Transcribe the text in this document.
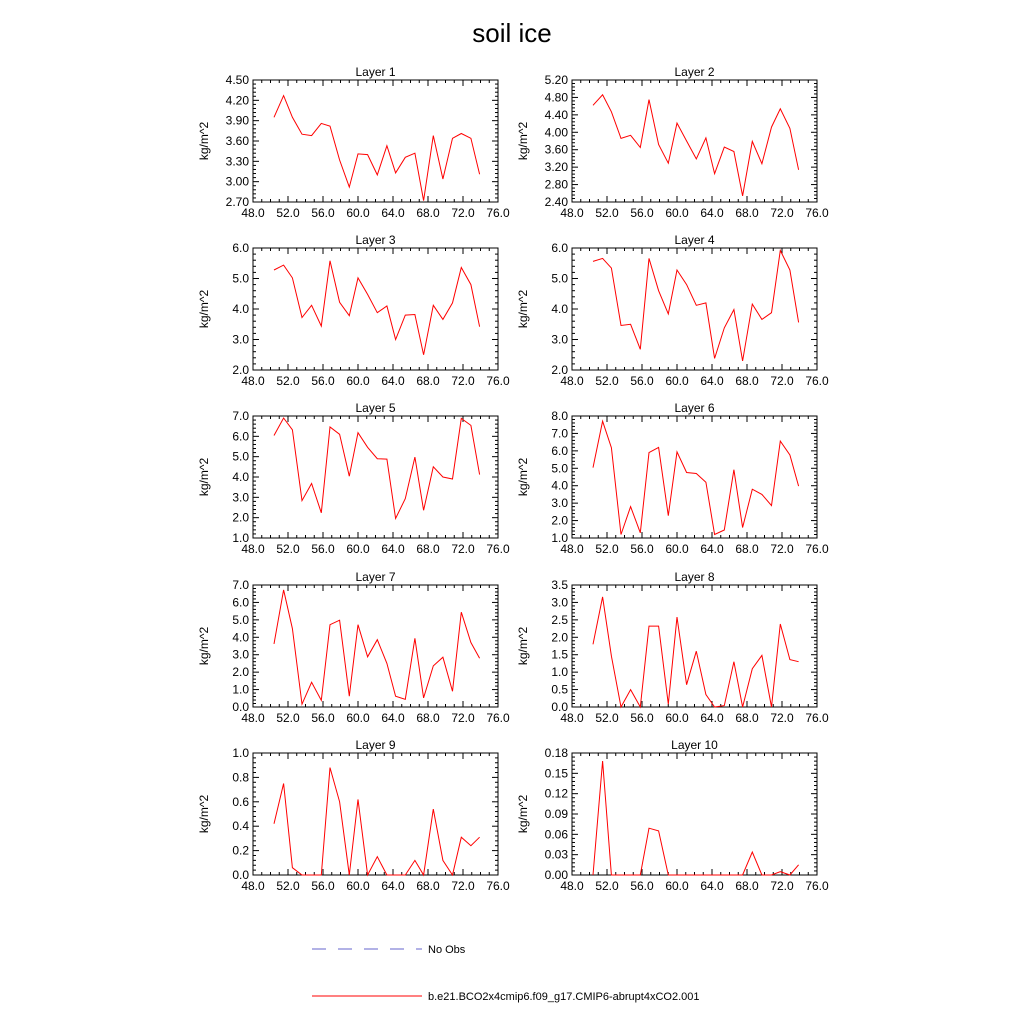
soil ice
Layer 1
kg/m^2
48.0 52.0 56.0 60.0 64.0 68.0 72.0 76.0
2.70
3.00
3.30
3.60
3.90
4.20
4.50
Layer 2
kg/m^2
48.0 52.0 56.0 60.0 64.0 68.0 72.0 76.0
2.40
2.80
3.20
3.60
4.00
4.40
4.80
5.20
Layer 3
kg/m^2
48.0 52.0 56.0 60.0 64.0 68.0 72.0 76.0
2.0
3.0
4.0
5.0
6.0
Layer 4
kg/m^2
48.0 52.0 56.0 60.0 64.0 68.0 72.0 76.0
2.0
3.0
4.0
5.0
6.0
Layer 5
kg/m^2
48.0 52.0 56.0 60.0 64.0 68.0 72.0 76.0
1.0
2.0
3.0
4.0
5.0
6.0
7.0
Layer 6
kg/m^2
48.0 52.0 56.0 60.0 64.0 68.0 72.0 76.0
1.0
2.0
3.0
4.0
5.0
6.0
7.0
8.0
Layer 7
kg/m^2
48.0 52.0 56.0 60.0 64.0 68.0 72.0 76.0
0.0
1.0
2.0
3.0
4.0
5.0
6.0
7.0
Layer 8
kg/m^2
48.0 52.0 56.0 60.0 64.0 68.0 72.0 76.0
0.0
0.5
1.0
1.5
2.0
2.5
3.0
3.5
Layer 9
kg/m^2
48.0 52.0 56.0 60.0 64.0 68.0 72.0 76.0
0.0
0.2
0.4
0.6
0.8
1.0
Layer 10
kg/m^2
48.0 52.0 56.0 60.0 64.0 68.0 72.0 76.0
0.00
0.03
0.06
0.09
0.12
0.15
0.18
No Obs
b.e21.BCO2x4cmip6.f09_g17.CMIP6-abrupt4xCO2.001
